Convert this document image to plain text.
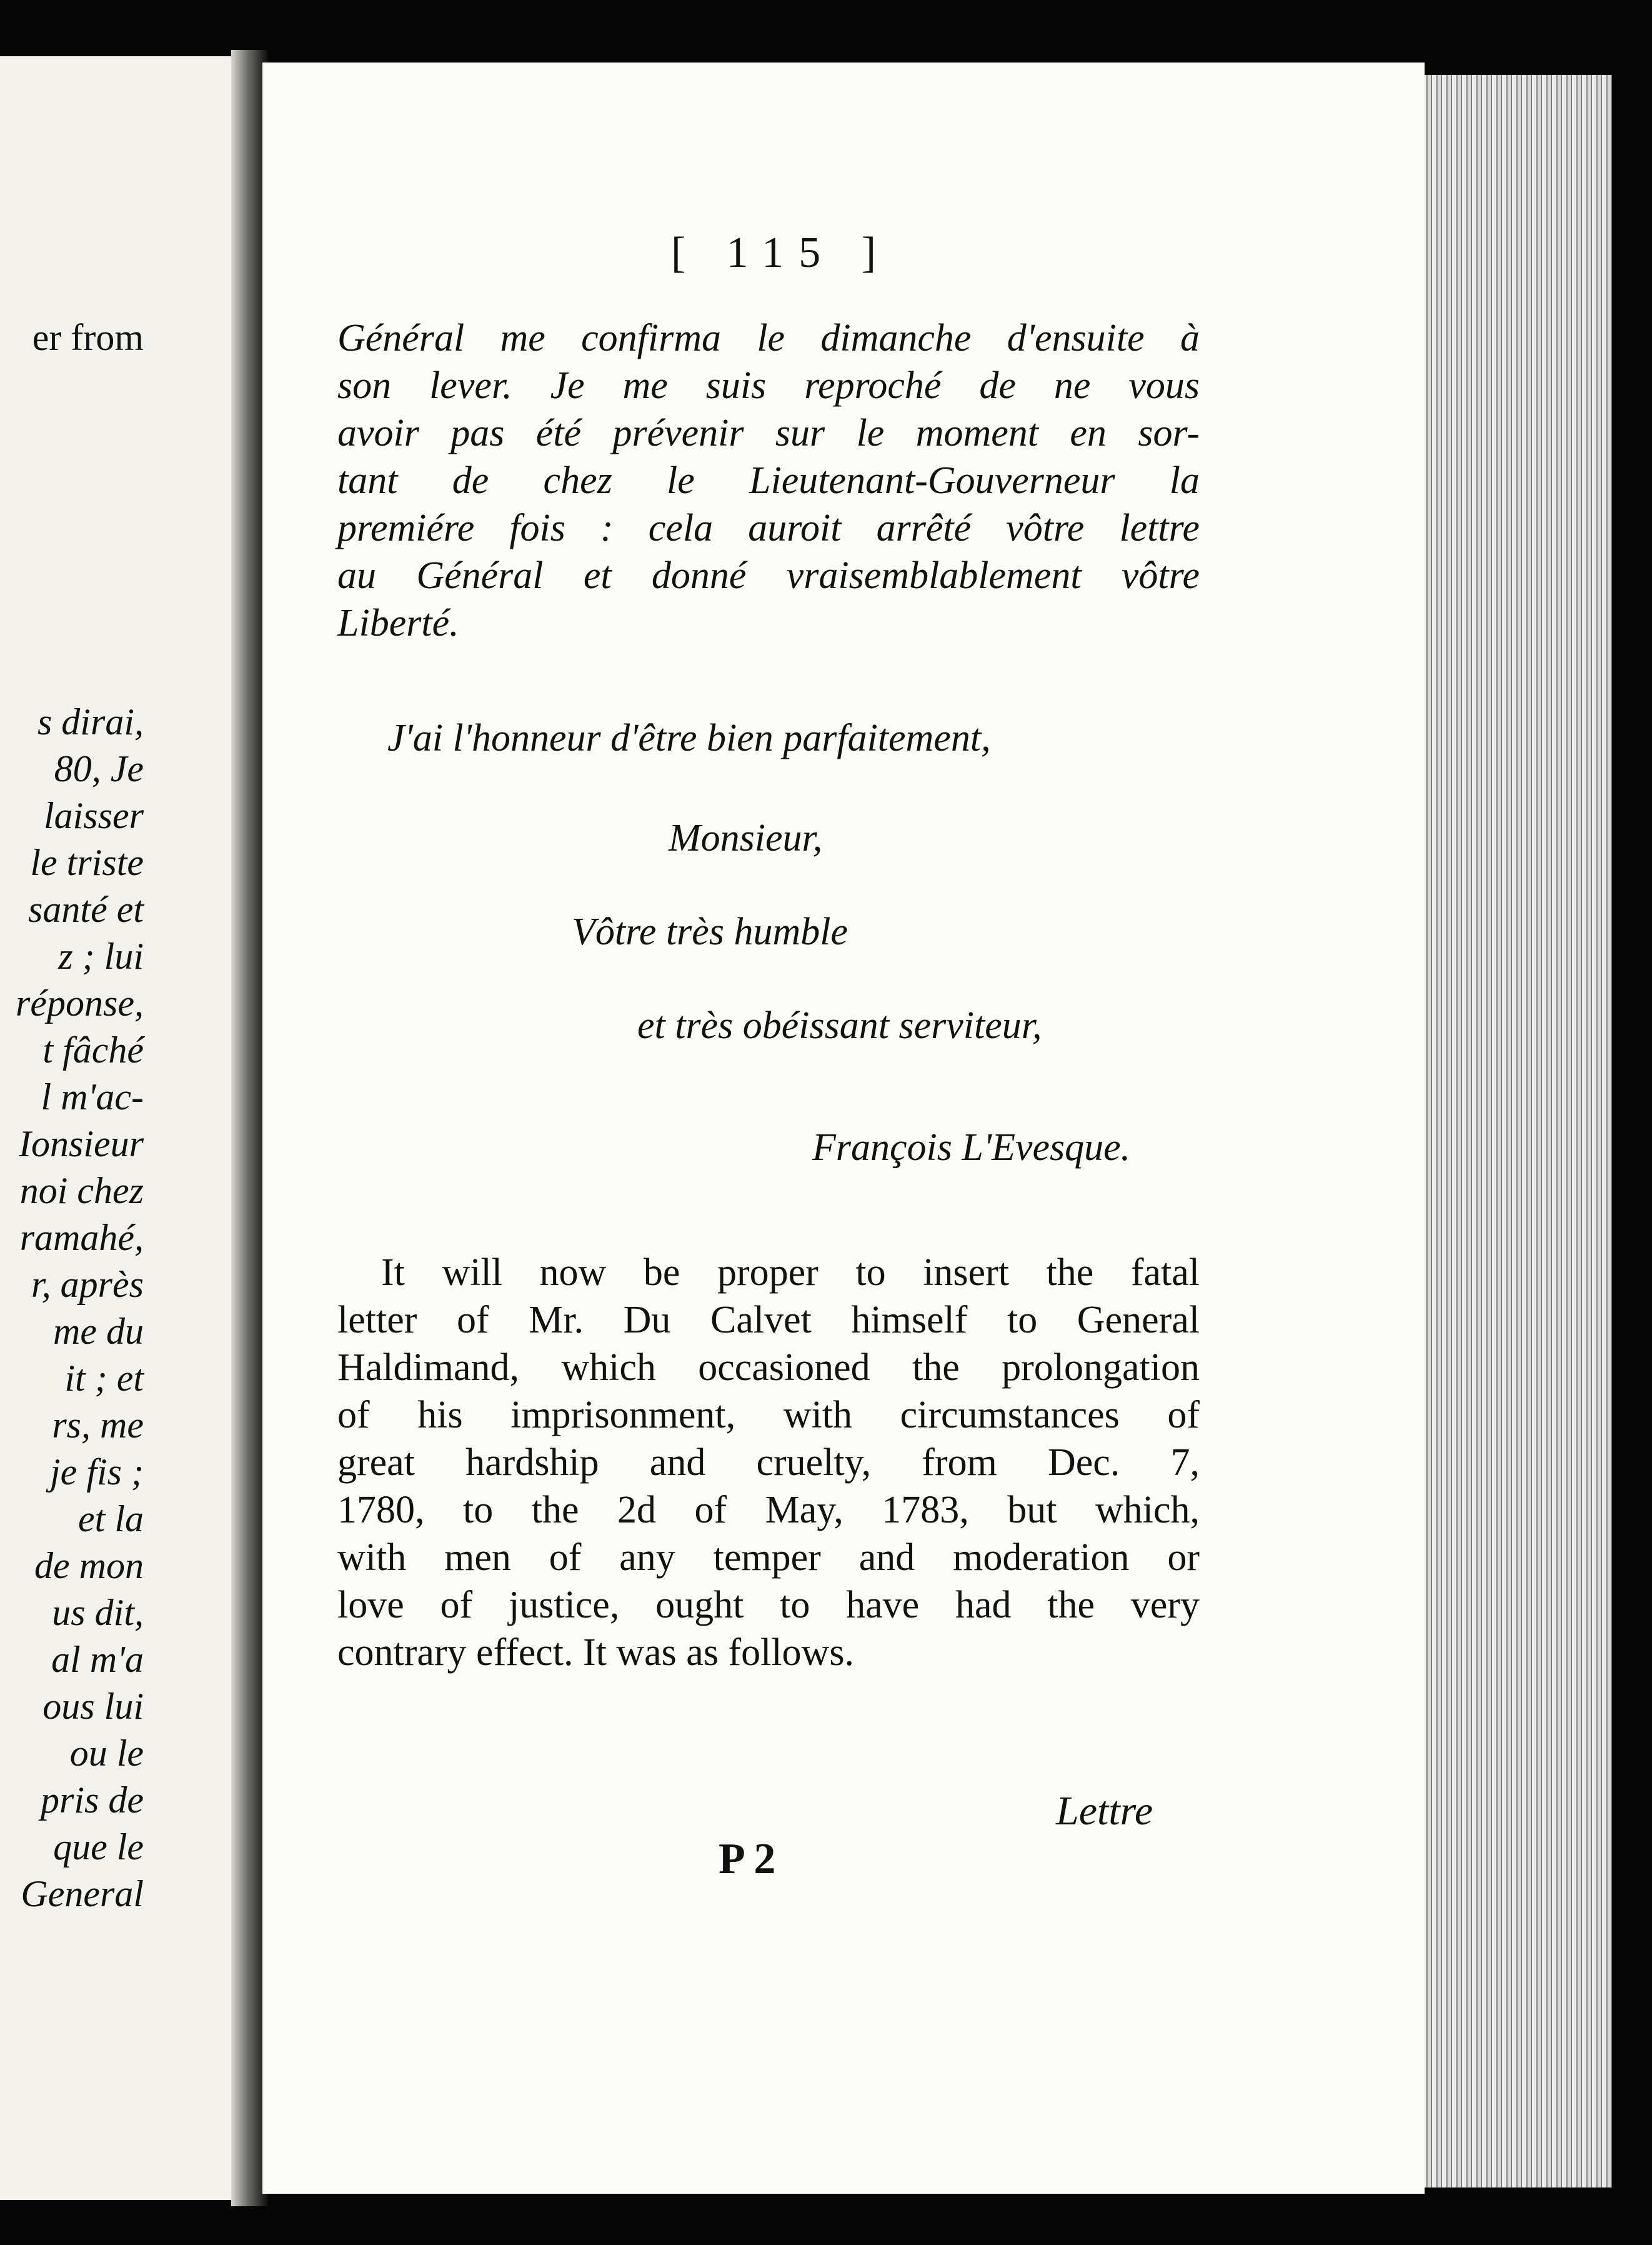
er from
s dirai,
80, Je
laisser
le triste
santé et
z ; lui
réponse,
t fâché
l m'ac-
Ionsieur
noi chez
ramahé,
r, après
me du
it ; et
rs, me
je fis ;
et la
de mon
us dit,
al m'a
ous lui
ou le
pris de
que le
General
[ 115 ]
Général me confirma le dimanche d'ensuite à
son lever. Je me suis reproché de ne vous
avoir pas été prévenir sur le moment en sor-
tant de chez le Lieutenant-Gouverneur la
premiére fois : cela auroit arrêté vôtre lettre
au Général et donné vraisemblablement vôtre
Liberté.
J'ai l'honneur d'être bien parfaitement,
Monsieur,
Vôtre très humble
et très obéissant serviteur,
François L'Evesque.
It will now be proper to insert the fatal
letter of Mr. Du Calvet himself to General
Haldimand, which occasioned the prolongation
of his imprisonment, with circumstances of
great hardship and cruelty, from Dec. 7,
1780, to the 2d of May, 1783, but which,
with men of any temper and moderation or
love of justice, ought to have had the very
contrary effect. It was as follows.
Lettre
P 2
